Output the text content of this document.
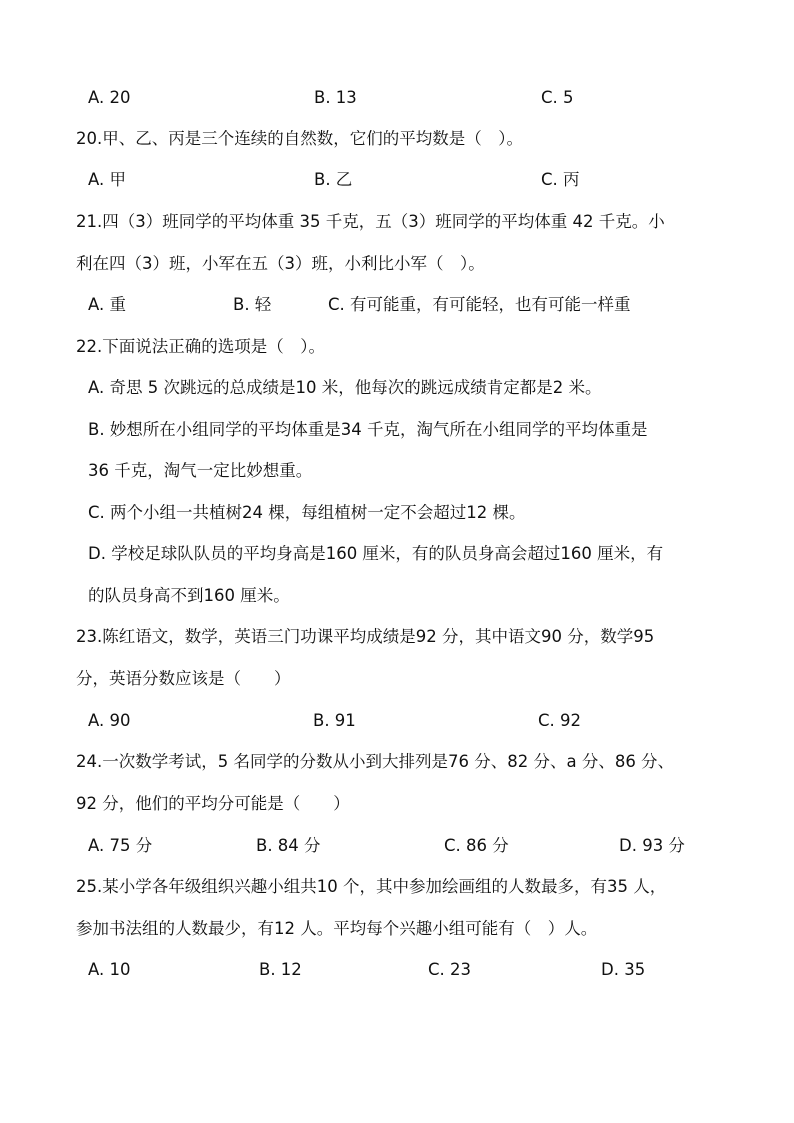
A. 20	B. 13	C. 5
20.甲、乙、丙是三个连续的自然数，它们的平均数是（　）。
A. 甲	B. 乙	C. 丙
21.四（3）班同学的平均体重 35 千克，五（3）班同学的平均体重 42 千克。小
利在四（3）班，小军在五（3）班，小利比小军（　）。
A. 重	B. 轻	C. 有可能重，有可能轻，也有可能一样重
22.下面说法正确的选项是（　）。
A. 奇思 5 次跳远的总成绩是10 米，他每次的跳远成绩肯定都是2 米。
B. 妙想所在小组同学的平均体重是34 千克，淘气所在小组同学的平均体重是
36 千克，淘气一定比妙想重。
C. 两个小组一共植树24 棵，每组植树一定不会超过12 棵。
D. 学校足球队队员的平均身高是160 厘米，有的队员身高会超过160 厘米，有
的队员身高不到160 厘米。
23.陈红语文，数学，英语三门功课平均成绩是92 分，其中语文90 分，数学95
分，英语分数应该是（　　）
A. 90	B. 91	C. 92
24.一次数学考试，5 名同学的分数从小到大排列是76 分、82 分、a 分、86 分、
92 分，他们的平均分可能是（　　）
A. 75 分	B. 84 分	C. 86 分	D. 93 分
25.某小学各年级组织兴趣小组共10 个，其中参加绘画组的人数最多，有35 人，
参加书法组的人数最少，有12 人。平均每个兴趣小组可能有（　）人。
A. 10	B. 12	C. 23	D. 35
